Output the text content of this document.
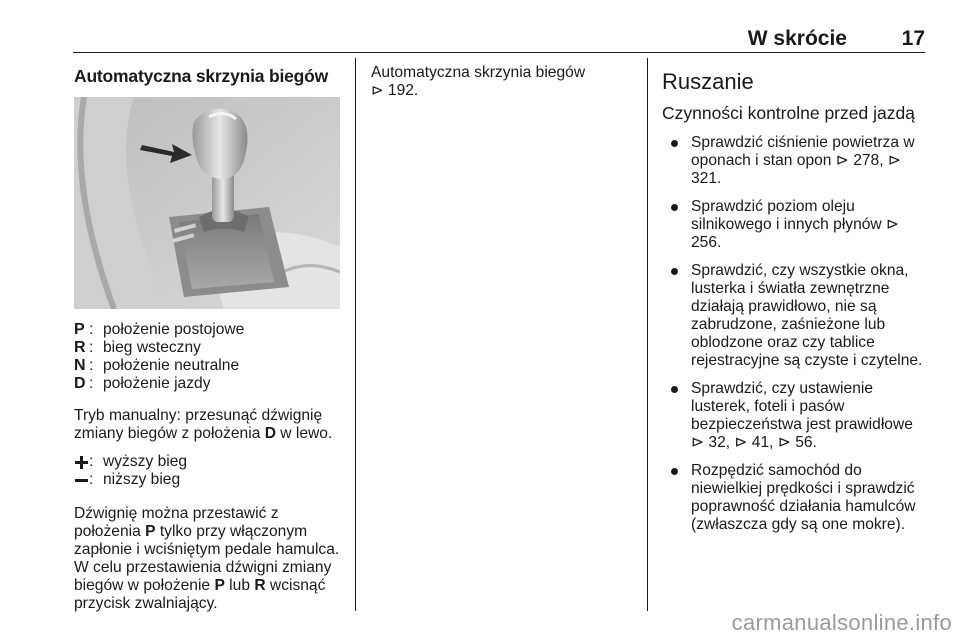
W skrócie	17
Automatyczna skrzynia biegów
P : położenie postojowe
R : bieg wsteczny
N : położenie neutralne
D : położenie jazdy
Tryb manualny: przesunąć dźwignię zmiany biegów z położenia D w lewo.
: wyższy bieg
: niższy bieg
Dźwignię można przestawić z położenia P tylko przy włączonym zapłonie i wciśniętym pedale hamulca. W celu przestawienia dźwigni zmiany biegów w położenie P lub R wcisnąć przycisk zwalniający.
Automatyczna skrzynia biegów
⊳ 192.	Ruszanie
Czynności kontrolne przed jazdą
Sprawdzić ciśnienie powietrza w oponach i stan opon ⊳ 278, ⊳ 321.
Sprawdzić poziom oleju silnikowego i innych płynów ⊳ 256.
Sprawdzić, czy wszystkie okna, lusterka i światła zewnętrzne działają prawidłowo, nie są zabrudzone, zaśnieżone lub oblodzone oraz czy tablice rejestracyjne są czyste i czytelne.
Sprawdzić, czy ustawienie lusterek, foteli i pasów bezpieczeństwa jest prawidłowe ⊳ 32, ⊳ 41, ⊳ 56.
Rozpędzić samochód do niewielkiej prędkości i sprawdzić poprawność działania hamulców (zwłaszcza gdy są one mokre).
carmanualsonline.info
